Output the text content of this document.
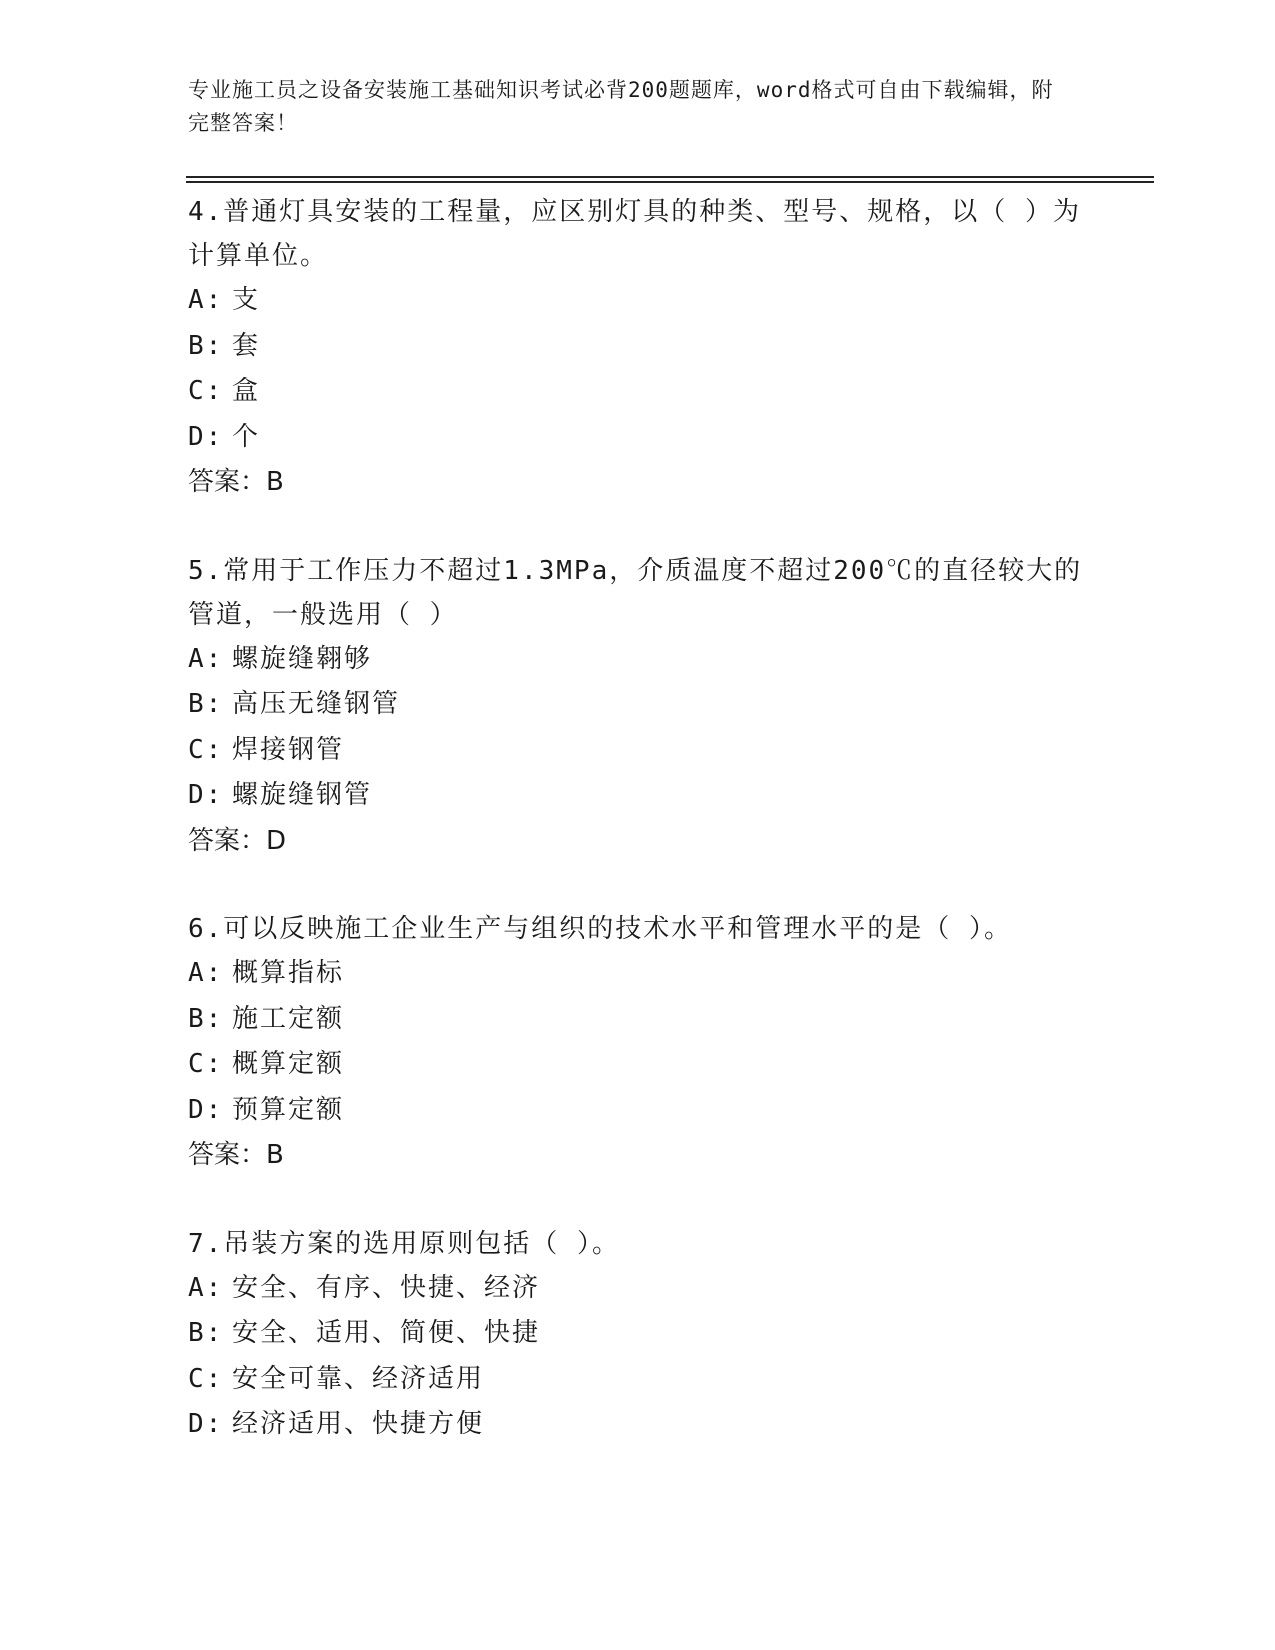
专业施工员之设备安装施工基础知识考试必背200题题库，word格式可自由下载编辑，附完整答案！

4.普通灯具安装的工程量，应区别灯具的种类、型号、规格，以（ ）为计算单位。

A: 支
B: 套
C: 盒
D: 个
答案：B

5.常用于工作压力不超过1.3MPa，介质温度不超过200℃的直径较大的管道，一般选用（ ）

A: 螺旋缝翱够
B: 高压无缝钢管
C: 焊接钢管
D: 螺旋缝钢管
答案：D

6.可以反映施工企业生产与组织的技术水平和管理水平的是（ ）。

A: 概算指标
B: 施工定额
C: 概算定额
D: 预算定额
答案：B

7.吊装方案的选用原则包括（ ）。

A: 安全、有序、快捷、经济
B: 安全、适用、简便、快捷
C: 安全可靠、经济适用
D: 经济适用、快捷方便
